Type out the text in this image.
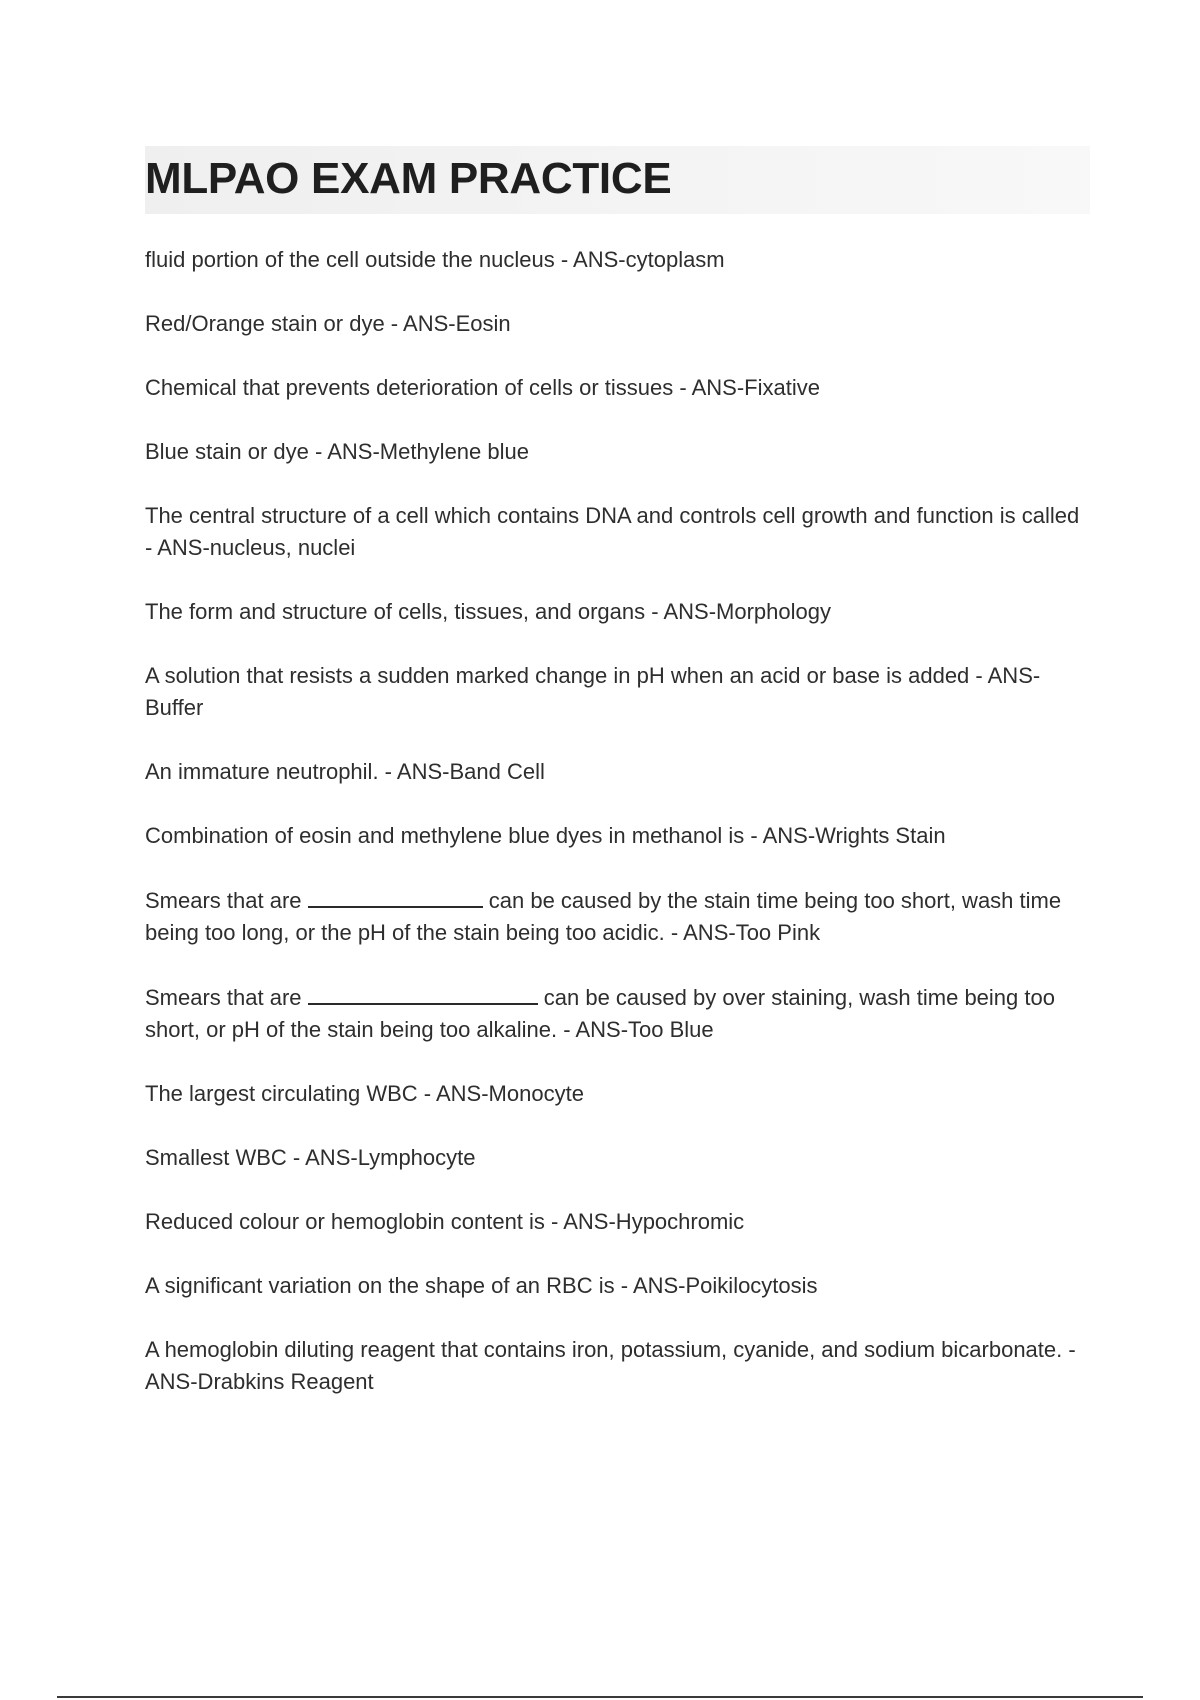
MLPAO EXAM PRACTICE
fluid portion of the cell outside the nucleus - ANS-cytoplasm
Red/Orange stain or dye - ANS-Eosin
Chemical that prevents deterioration of cells or tissues - ANS-Fixative
Blue stain or dye - ANS-Methylene blue
The central structure of a cell which contains DNA and controls cell growth and function is called - ANS-nucleus, nuclei
The form and structure of cells, tissues, and organs - ANS-Morphology
A solution that resists a sudden marked change in pH when an acid or base is added - ANS-Buffer
An immature neutrophil. - ANS-Band Cell
Combination of eosin and methylene blue dyes in methanol is - ANS-Wrights Stain
Smears that are	can be caused by the stain time being too short, wash time being too long, or the pH of the stain being too acidic. - ANS-Too Pink
Smears that are	can be caused by over staining, wash time being too short, or pH of the stain being too alkaline. - ANS-Too Blue
The largest circulating WBC - ANS-Monocyte
Smallest WBC - ANS-Lymphocyte
Reduced colour or hemoglobin content is - ANS-Hypochromic
A significant variation on the shape of an RBC is - ANS-Poikilocytosis
A hemoglobin diluting reagent that contains iron, potassium, cyanide, and sodium bicarbonate. - ANS-Drabkins Reagent
